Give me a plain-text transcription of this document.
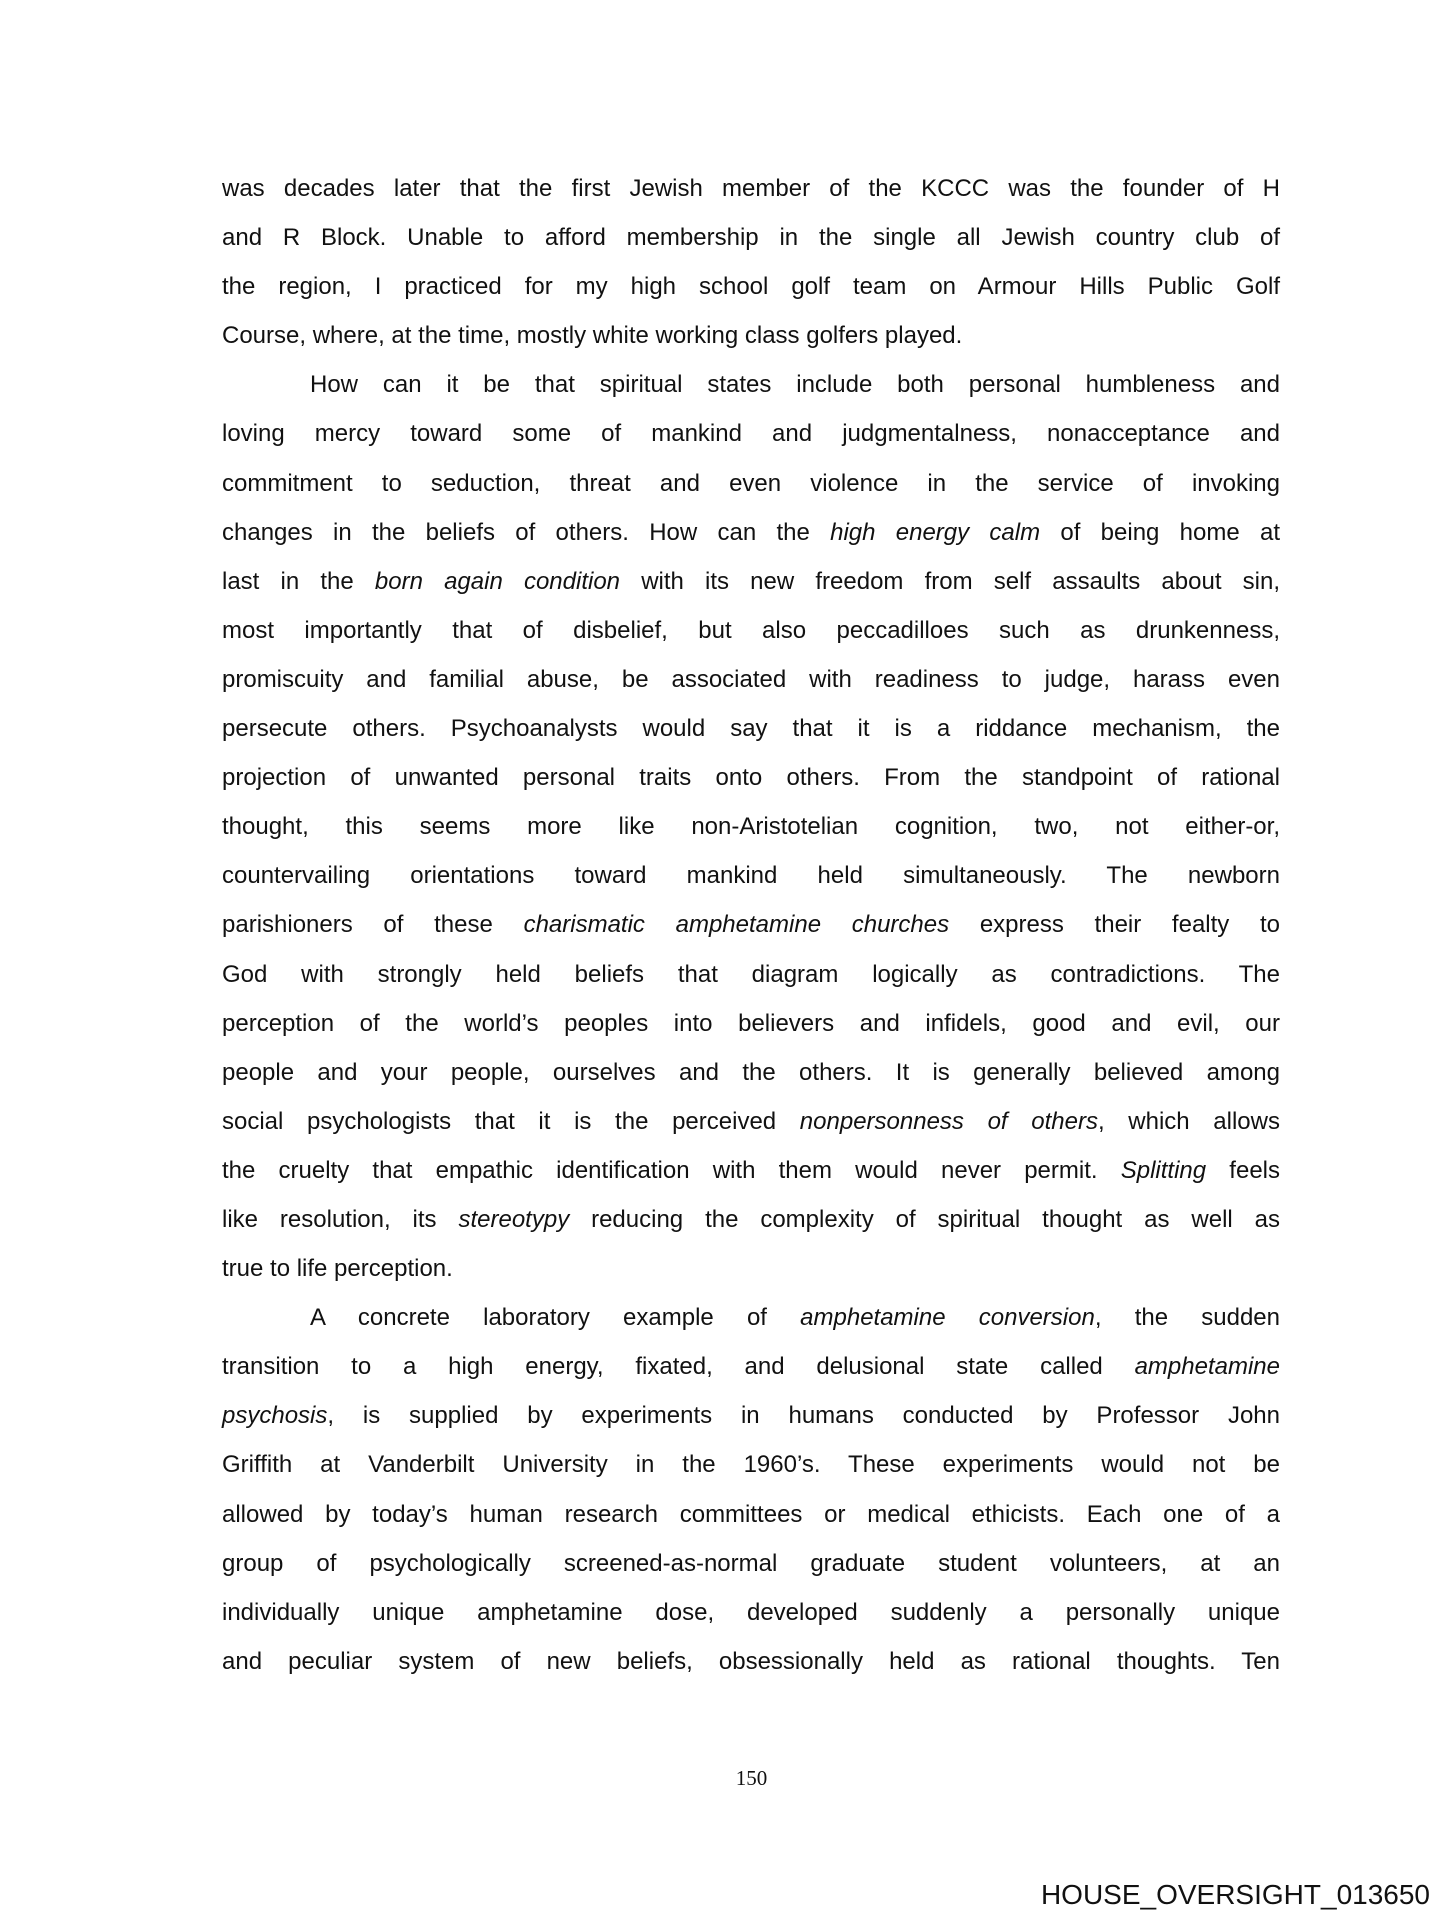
was decades later that the first Jewish member of the KCCC was the founder of H
and R Block. Unable to afford membership in the single all Jewish country club of
the region, I practiced for my high school golf team on Armour Hills Public Golf
Course, where, at the time, mostly white working class golfers played.
How can it be that spiritual states include both personal humbleness and
loving mercy toward some of mankind and judgmentalness, nonacceptance and
commitment to seduction, threat and even violence in the service of invoking
changes in the beliefs of others. How can the high energy calm of being home at
last in the born again condition with its new freedom from self assaults about sin,
most importantly that of disbelief, but also peccadilloes such as drunkenness,
promiscuity and familial abuse, be associated with readiness to judge, harass even
persecute others. Psychoanalysts would say that it is a riddance mechanism, the
projection of unwanted personal traits onto others. From the standpoint of rational
thought, this seems more like non-Aristotelian cognition, two, not either-or,
countervailing orientations toward mankind held simultaneously. The newborn
parishioners of these charismatic amphetamine churches express their fealty to
God with strongly held beliefs that diagram logically as contradictions. The
perception of the world’s peoples into believers and infidels, good and evil, our
people and your people, ourselves and the others. It is generally believed among
social psychologists that it is the perceived nonpersonness of others, which allows
the cruelty that empathic identification with them would never permit. Splitting feels
like resolution, its stereotypy reducing the complexity of spiritual thought as well as
true to life perception.
A concrete laboratory example of amphetamine conversion, the sudden
transition to a high energy, fixated, and delusional state called amphetamine
psychosis, is supplied by experiments in humans conducted by Professor John
Griffith at Vanderbilt University in the 1960’s. These experiments would not be
allowed by today’s human research committees or medical ethicists. Each one of a
group of psychologically screened-as-normal graduate student volunteers, at an
individually unique amphetamine dose, developed suddenly a personally unique
and peculiar system of new beliefs, obsessionally held as rational thoughts. Ten
150
HOUSE_OVERSIGHT_013650
